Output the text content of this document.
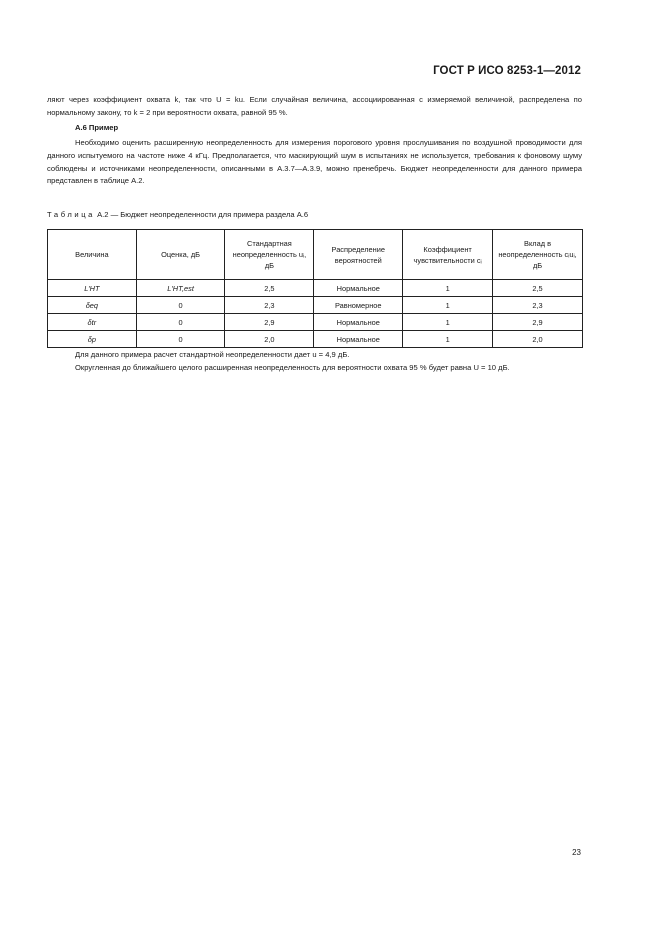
ГОСТ Р ИСО 8253-1—2012
ляют через коэффициент охвата k, так что U = ku. Если случайная величина, ассоциированная с измеряемой величиной, распределена по нормальному закону, то k = 2 при вероятности охвата, равной 95 %.
А.6 Пример
Необходимо оценить расширенную неопределенность для измерения порогового уровня прослушивания по воздушной проводимости для данного испытуемого на частоте ниже 4 кГц. Предполагается, что маскирующий шум в испытаниях не используется, требования к фоновому шуму соблюдены и источниками неопределенности, описанными в А.3.7—А.3.9, можно пренебречь. Бюджет неопределенности для данного примера представлен в таблице А.2.
Таблица А.2 — Бюджет неопределенности для примера раздела А.6
Величина	Оценка, дБ	Стандартная неопределенность uᵢ, дБ	Распределение вероятностей	Коэффициент чувствительности cᵢ	Вклад в неопределенность cᵢuᵢ, дБ
L′HT	L′HT,est	2,5	Нормальное	1	2,5
δeq	0	2,3	Равномерное	1	2,3
δtr	0	2,9	Нормальное	1	2,9
δp	0	2,0	Нормальное	1	2,0
Для данного примера расчет стандартной неопределенности дает u = 4,9 дБ.
Округленная до ближайшего целого расширенная неопределенность для вероятности охвата 95 % будет равна U = 10 дБ.
23
